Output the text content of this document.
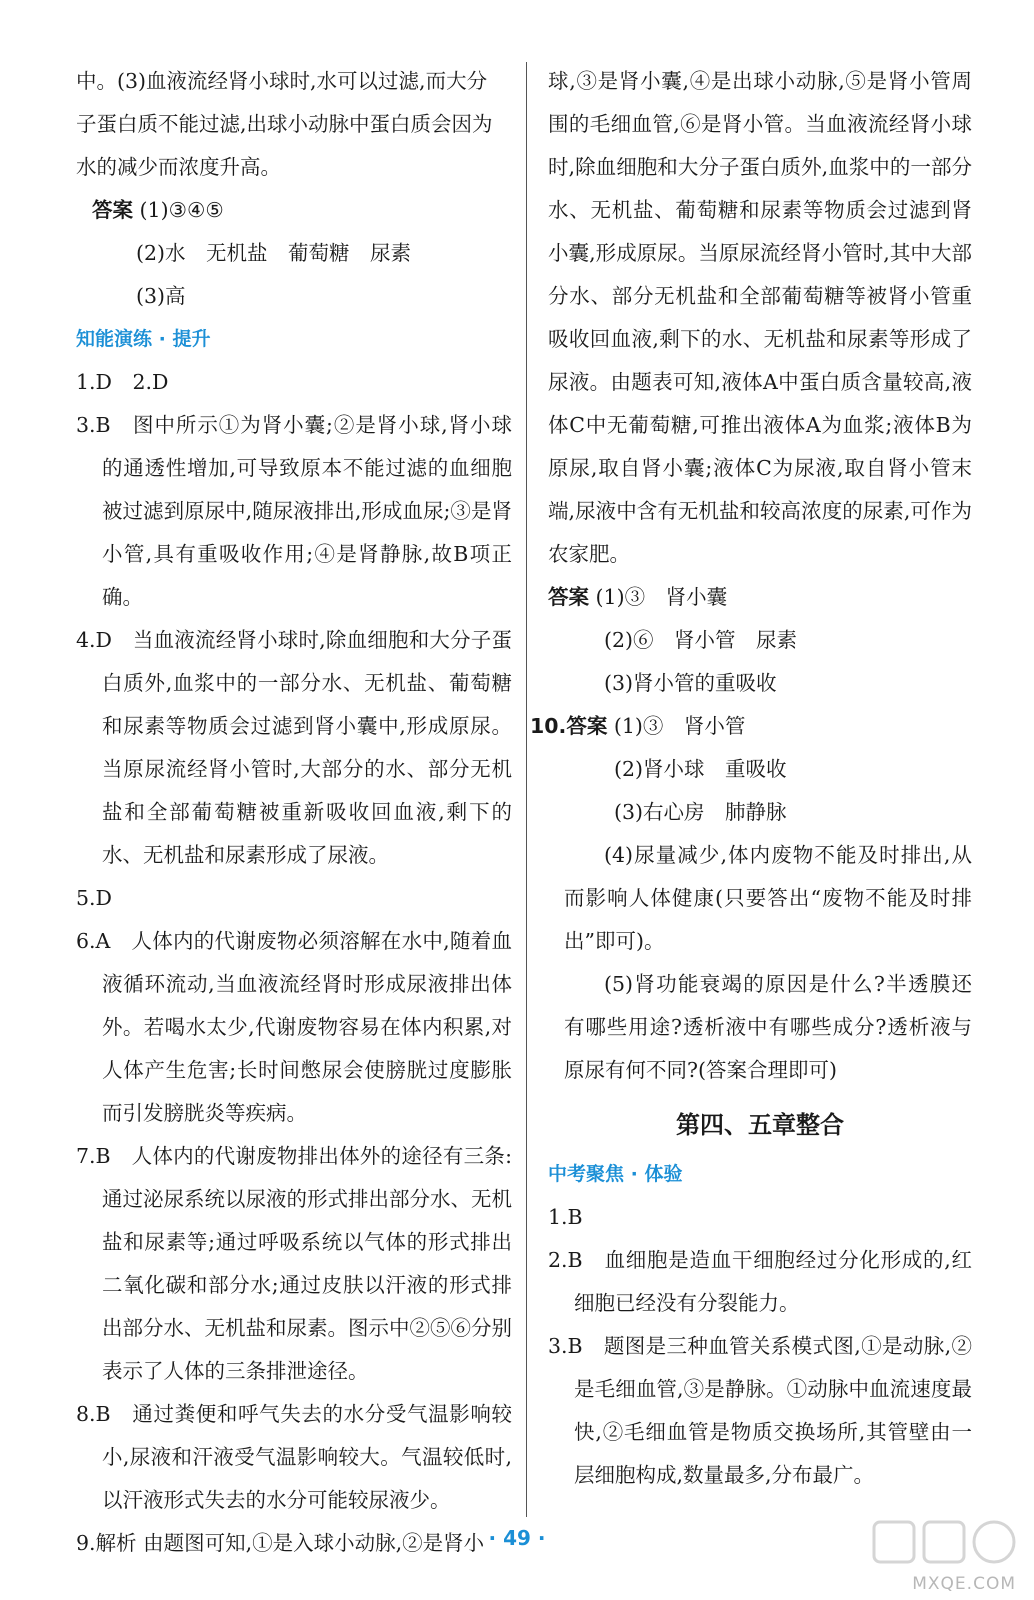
中。(3)血液流经肾小球时,水可以过滤,而大分

子蛋白质不能过滤,出球小动脉中蛋白质会因为

水的减少而浓度升高。

答案 (1)③④⑤

(2)水　无机盐　葡萄糖　尿素

(3)高

知能演练 · 提升

1.D　2.D

3.B　图中所示①为肾小囊;②是肾小球,肾小球的通透性增加,可导致原本不能过滤的血细胞被过滤到原尿中,随尿液排出,形成血尿;③是肾小管,具有重吸收作用;④是肾静脉,故B项正确。

4.D　当血液流经肾小球时,除血细胞和大分子蛋白质外,血浆中的一部分水、无机盐、葡萄糖和尿素等物质会过滤到肾小囊中,形成原尿。当原尿流经肾小管时,大部分的水、部分无机盐和全部葡萄糖被重新吸收回血液,剩下的水、无机盐和尿素形成了尿液。

5.D

6.A　人体内的代谢废物必须溶解在水中,随着血液循环流动,当血液流经肾时形成尿液排出体外。若喝水太少,代谢废物容易在体内积累,对人体产生危害;长时间憋尿会使膀胱过度膨胀而引发膀胱炎等疾病。

7.B　人体内的代谢废物排出体外的途径有三条:通过泌尿系统以尿液的形式排出部分水、无机盐和尿素等;通过呼吸系统以气体的形式排出二氧化碳和部分水;通过皮肤以汗液的形式排出部分水、无机盐和尿素。图示中②⑤⑥分别表示了人体的三条排泄途径。

8.B　通过粪便和呼气失去的水分受气温影响较小,尿液和汗液受气温影响较大。气温较低时,以汗液形式失去的水分可能较尿液少。

9.解析 由题图可知,①是入球小动脉,②是肾小

球,③是肾小囊,④是出球小动脉,⑤是肾小管周围的毛细血管,⑥是肾小管。当血液流经肾小球时,除血细胞和大分子蛋白质外,血浆中的一部分水、无机盐、葡萄糖和尿素等物质会过滤到肾小囊,形成原尿。当原尿流经肾小管时,其中大部分水、部分无机盐和全部葡萄糖等被肾小管重吸收回血液,剩下的水、无机盐和尿素等形成了尿液。由题表可知,液体A中蛋白质含量较高,液体C中无葡萄糖,可推出液体A为血浆;液体B为原尿,取自肾小囊;液体C为尿液,取自肾小管末端,尿液中含有无机盐和较高浓度的尿素,可作为农家肥。

答案 (1)③　肾小囊

(2)⑥　肾小管　尿素

(3)肾小管的重吸收

10.答案 (1)③　肾小管

(2)肾小球　重吸收

(3)右心房　肺静脉

(4)尿量减少,体内废物不能及时排出,从而影响人体健康(只要答出“废物不能及时排出”即可)。

(5)肾功能衰竭的原因是什么?半透膜还有哪些用途?透析液中有哪些成分?透析液与原尿有何不同?(答案合理即可)

第四、五章整合

中考聚焦 · 体验

1.B

2.B　血细胞是造血干细胞经过分化形成的,红细胞已经没有分裂能力。

3.B　题图是三种血管关系模式图,①是动脉,②是毛细血管,③是静脉。①动脉中血流速度最快,②毛细血管是物质交换场所,其管壁由一层细胞构成,数量最多,分布最广。

· 49 ·
MXQE.COM
